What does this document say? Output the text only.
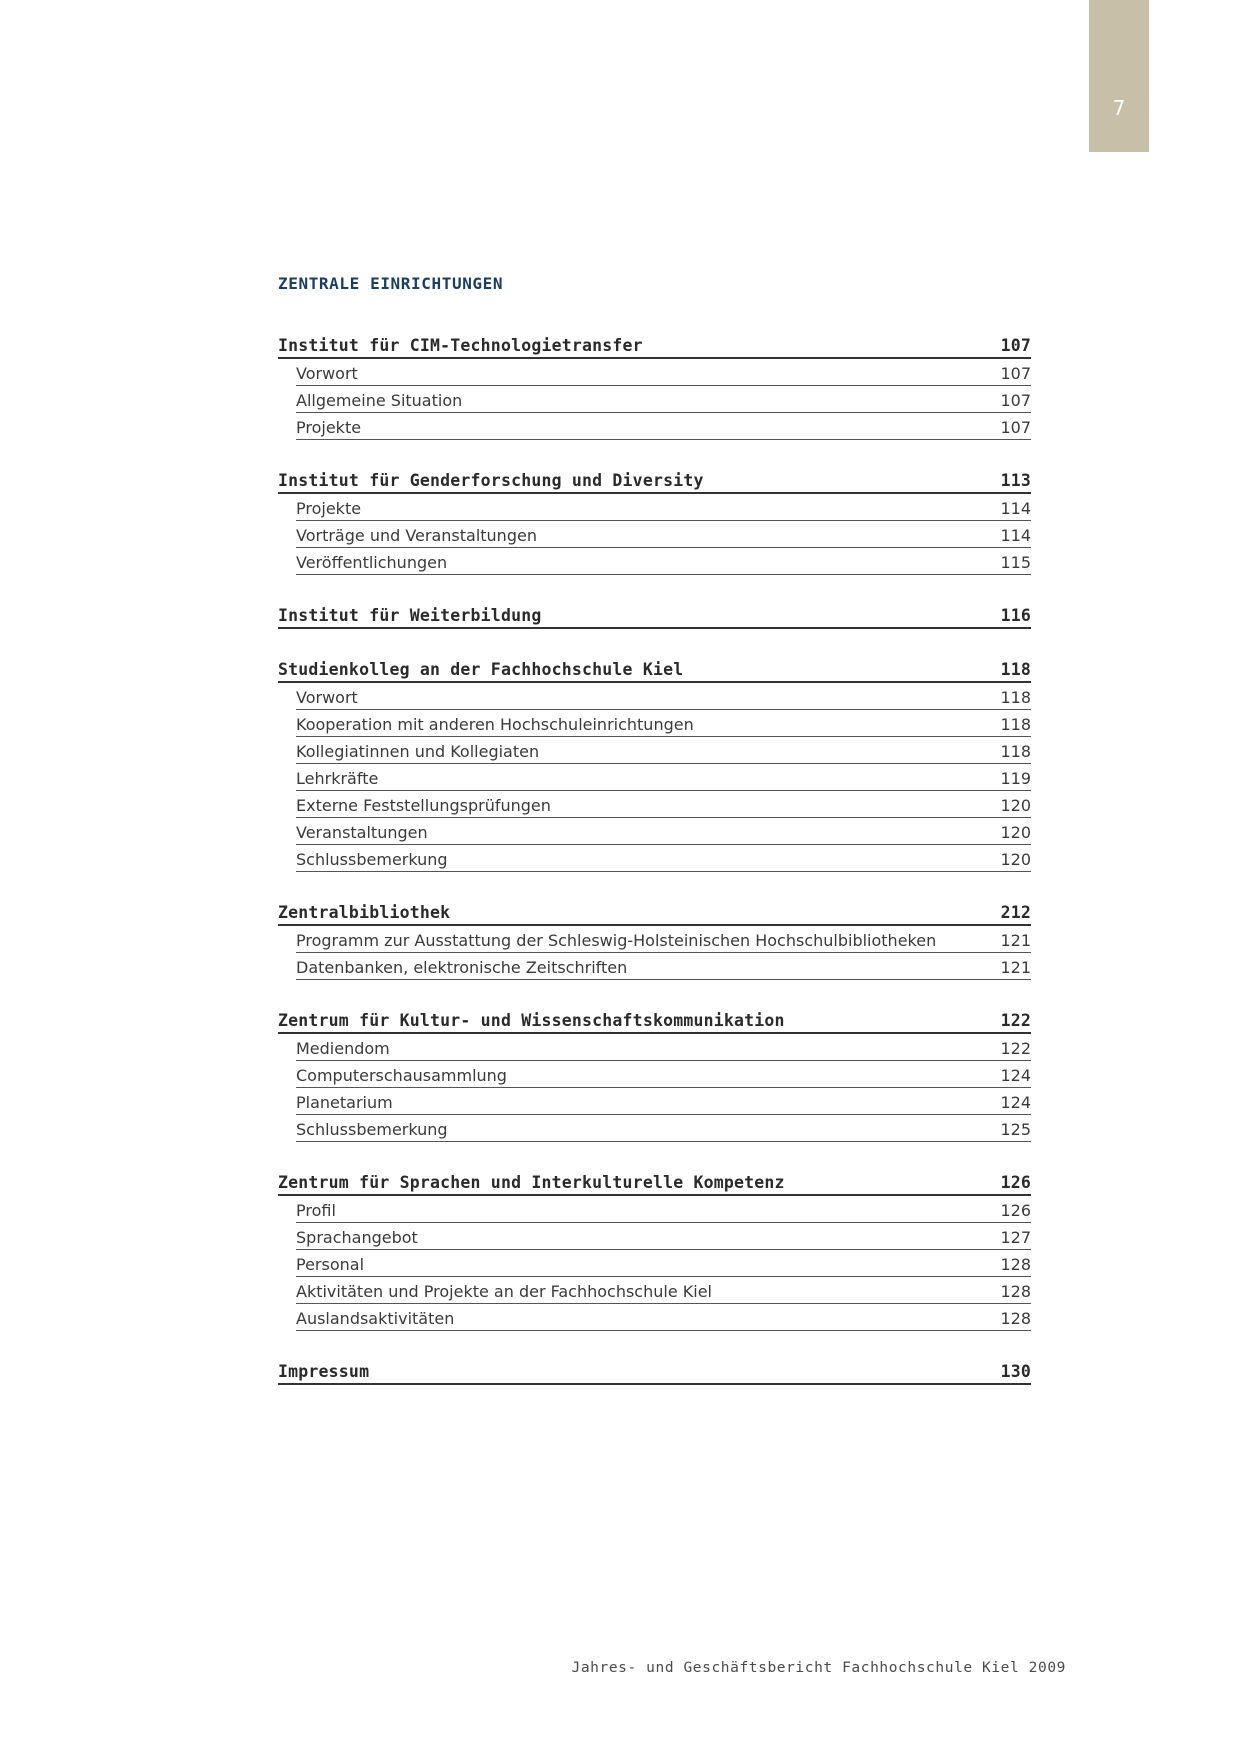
7
ZENTRALE EINRICHTUNGEN
Institut für CIM-Technologietransfer	107
Vorwort	107
Allgemeine Situation	107
Projekte	107
Institut für Genderforschung und Diversity	113
Projekte	114
Vorträge und Veranstaltungen	114
Veröffentlichungen	115
Institut für Weiterbildung	116
Studienkolleg an der Fachhochschule Kiel	118
Vorwort	118
Kooperation mit anderen Hochschuleinrichtungen	118
Kollegiatinnen und Kollegiaten	118
Lehrkräfte	119
Externe Feststellungsprüfungen	120
Veranstaltungen	120
Schlussbemerkung	120
Zentralbibliothek	212
Programm zur Ausstattung der Schleswig-Holsteinischen Hochschulbibliotheken	121
Datenbanken, elektronische Zeitschriften	121
Zentrum für Kultur- und Wissenschaftskommunikation	122
Mediendom	122
Computerschausammlung	124
Planetarium	124
Schlussbemerkung	125
Zentrum für Sprachen und Interkulturelle Kompetenz	126
Profil	126
Sprachangebot	127
Personal	128
Aktivitäten und Projekte an der Fachhochschule Kiel	128
Auslandsaktivitäten	128
Impressum	130
Jahres- und Geschäftsbericht Fachhochschule Kiel 2009
